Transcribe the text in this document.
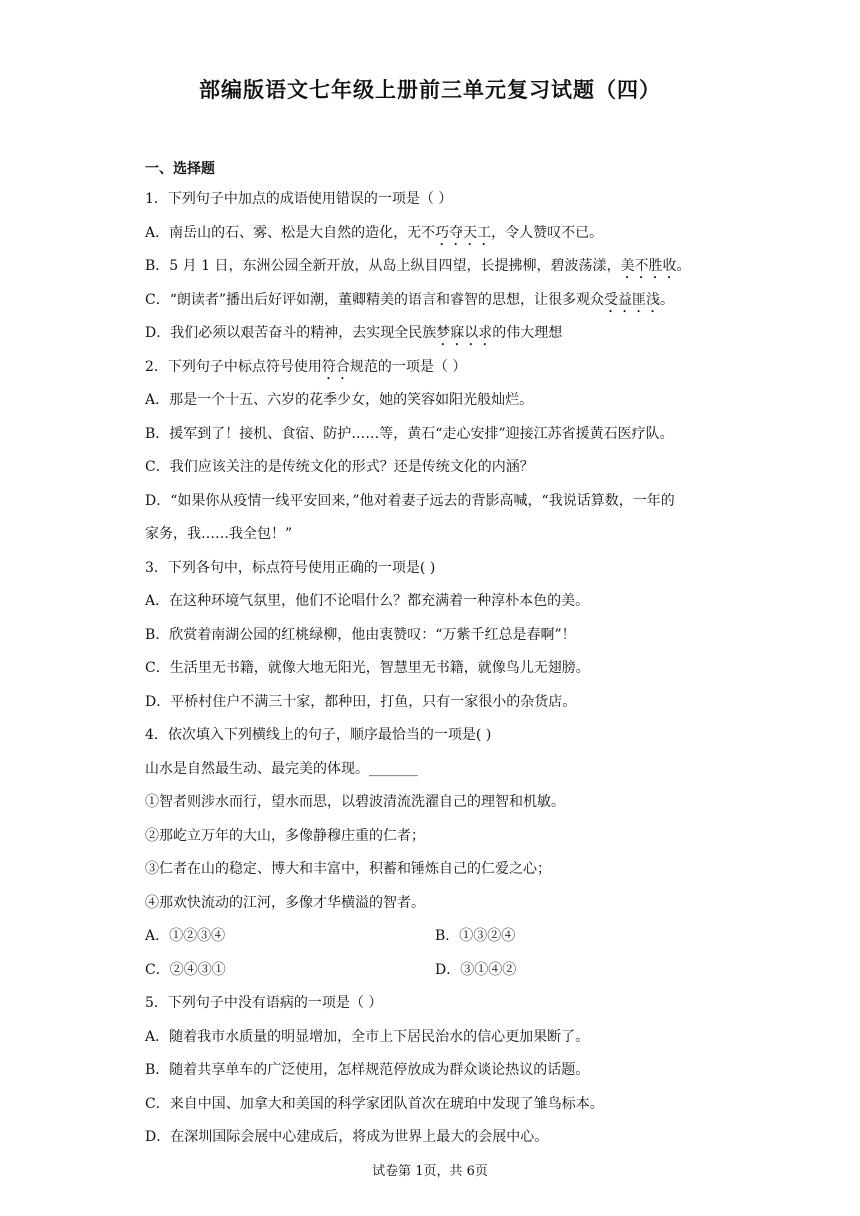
部编版语文七年级上册前三单元复习试题（四）
一、选择题
1．下列句子中加点的成语使用错误的一项是（ ）
A．南岳山的石、雾、松是大自然的造化，无不巧夺天工，令人赞叹不已。
B．5 月 1 日，东洲公园全新开放，从岛上纵目四望，长提拂柳，碧波荡漾，美不胜收。
C．“朗读者”播出后好评如潮，董卿精美的语言和睿智的思想，让很多观众受益匪浅。
D．我们必须以艰苦奋斗的精神，去实现全民族梦寐以求的伟大理想
2．下列句子中标点符号使用符合规范的一项是（ ）
A．那是一个十五、六岁的花季少女，她的笑容如阳光般灿烂。
B．援军到了！接机、食宿、防护……等，黄石“走心安排”迎接江苏省援黄石医疗队。
C．我们应该关注的是传统文化的形式？还是传统文化的内涵？
D．“如果你从疫情一线平安回来，”他对着妻子远去的背影高喊，“我说话算数，一年的
家务，我……我全包！”
3．下列各句中，标点符号使用正确的一项是( )
A．在这种环境气氛里，他们不论唱什么？都充满着一种淳朴本色的美。
B．欣赏着南湖公园的红桃绿柳，他由衷赞叹：“万紫千红总是春啊”！
C．生活里无书籍，就像大地无阳光，智慧里无书籍，就像鸟儿无翅膀。
D．平桥村住户不满三十家，都种田，打鱼，只有一家很小的杂货店。
4．依次填入下列横线上的句子，顺序最恰当的一项是( )
山水是自然最生动、最完美的体现。_______
①智者则涉水而行，望水而思，以碧波清流洗濯自己的理智和机敏。
②那屹立万年的大山，多像静穆庄重的仁者；
③仁者在山的稳定、博大和丰富中，积蓄和锤炼自己的仁爱之心；
④那欢快流动的江河，多像才华横溢的智者。
A．①②③④	B．①③②④
C．②④③①	D．③①④②
5．下列句子中没有语病的一项是（ ）
A．随着我市水质量的明显增加，全市上下居民治水的信心更加果断了。
B．随着共享单车的广泛使用，怎样规范停放成为群众谈论热议的话题。
C．来自中国、加拿大和美国的科学家团队首次在琥珀中发现了雏鸟标本。
D．在深圳国际会展中心建成后，将成为世界上最大的会展中心。
试卷第 1页，共 6页
